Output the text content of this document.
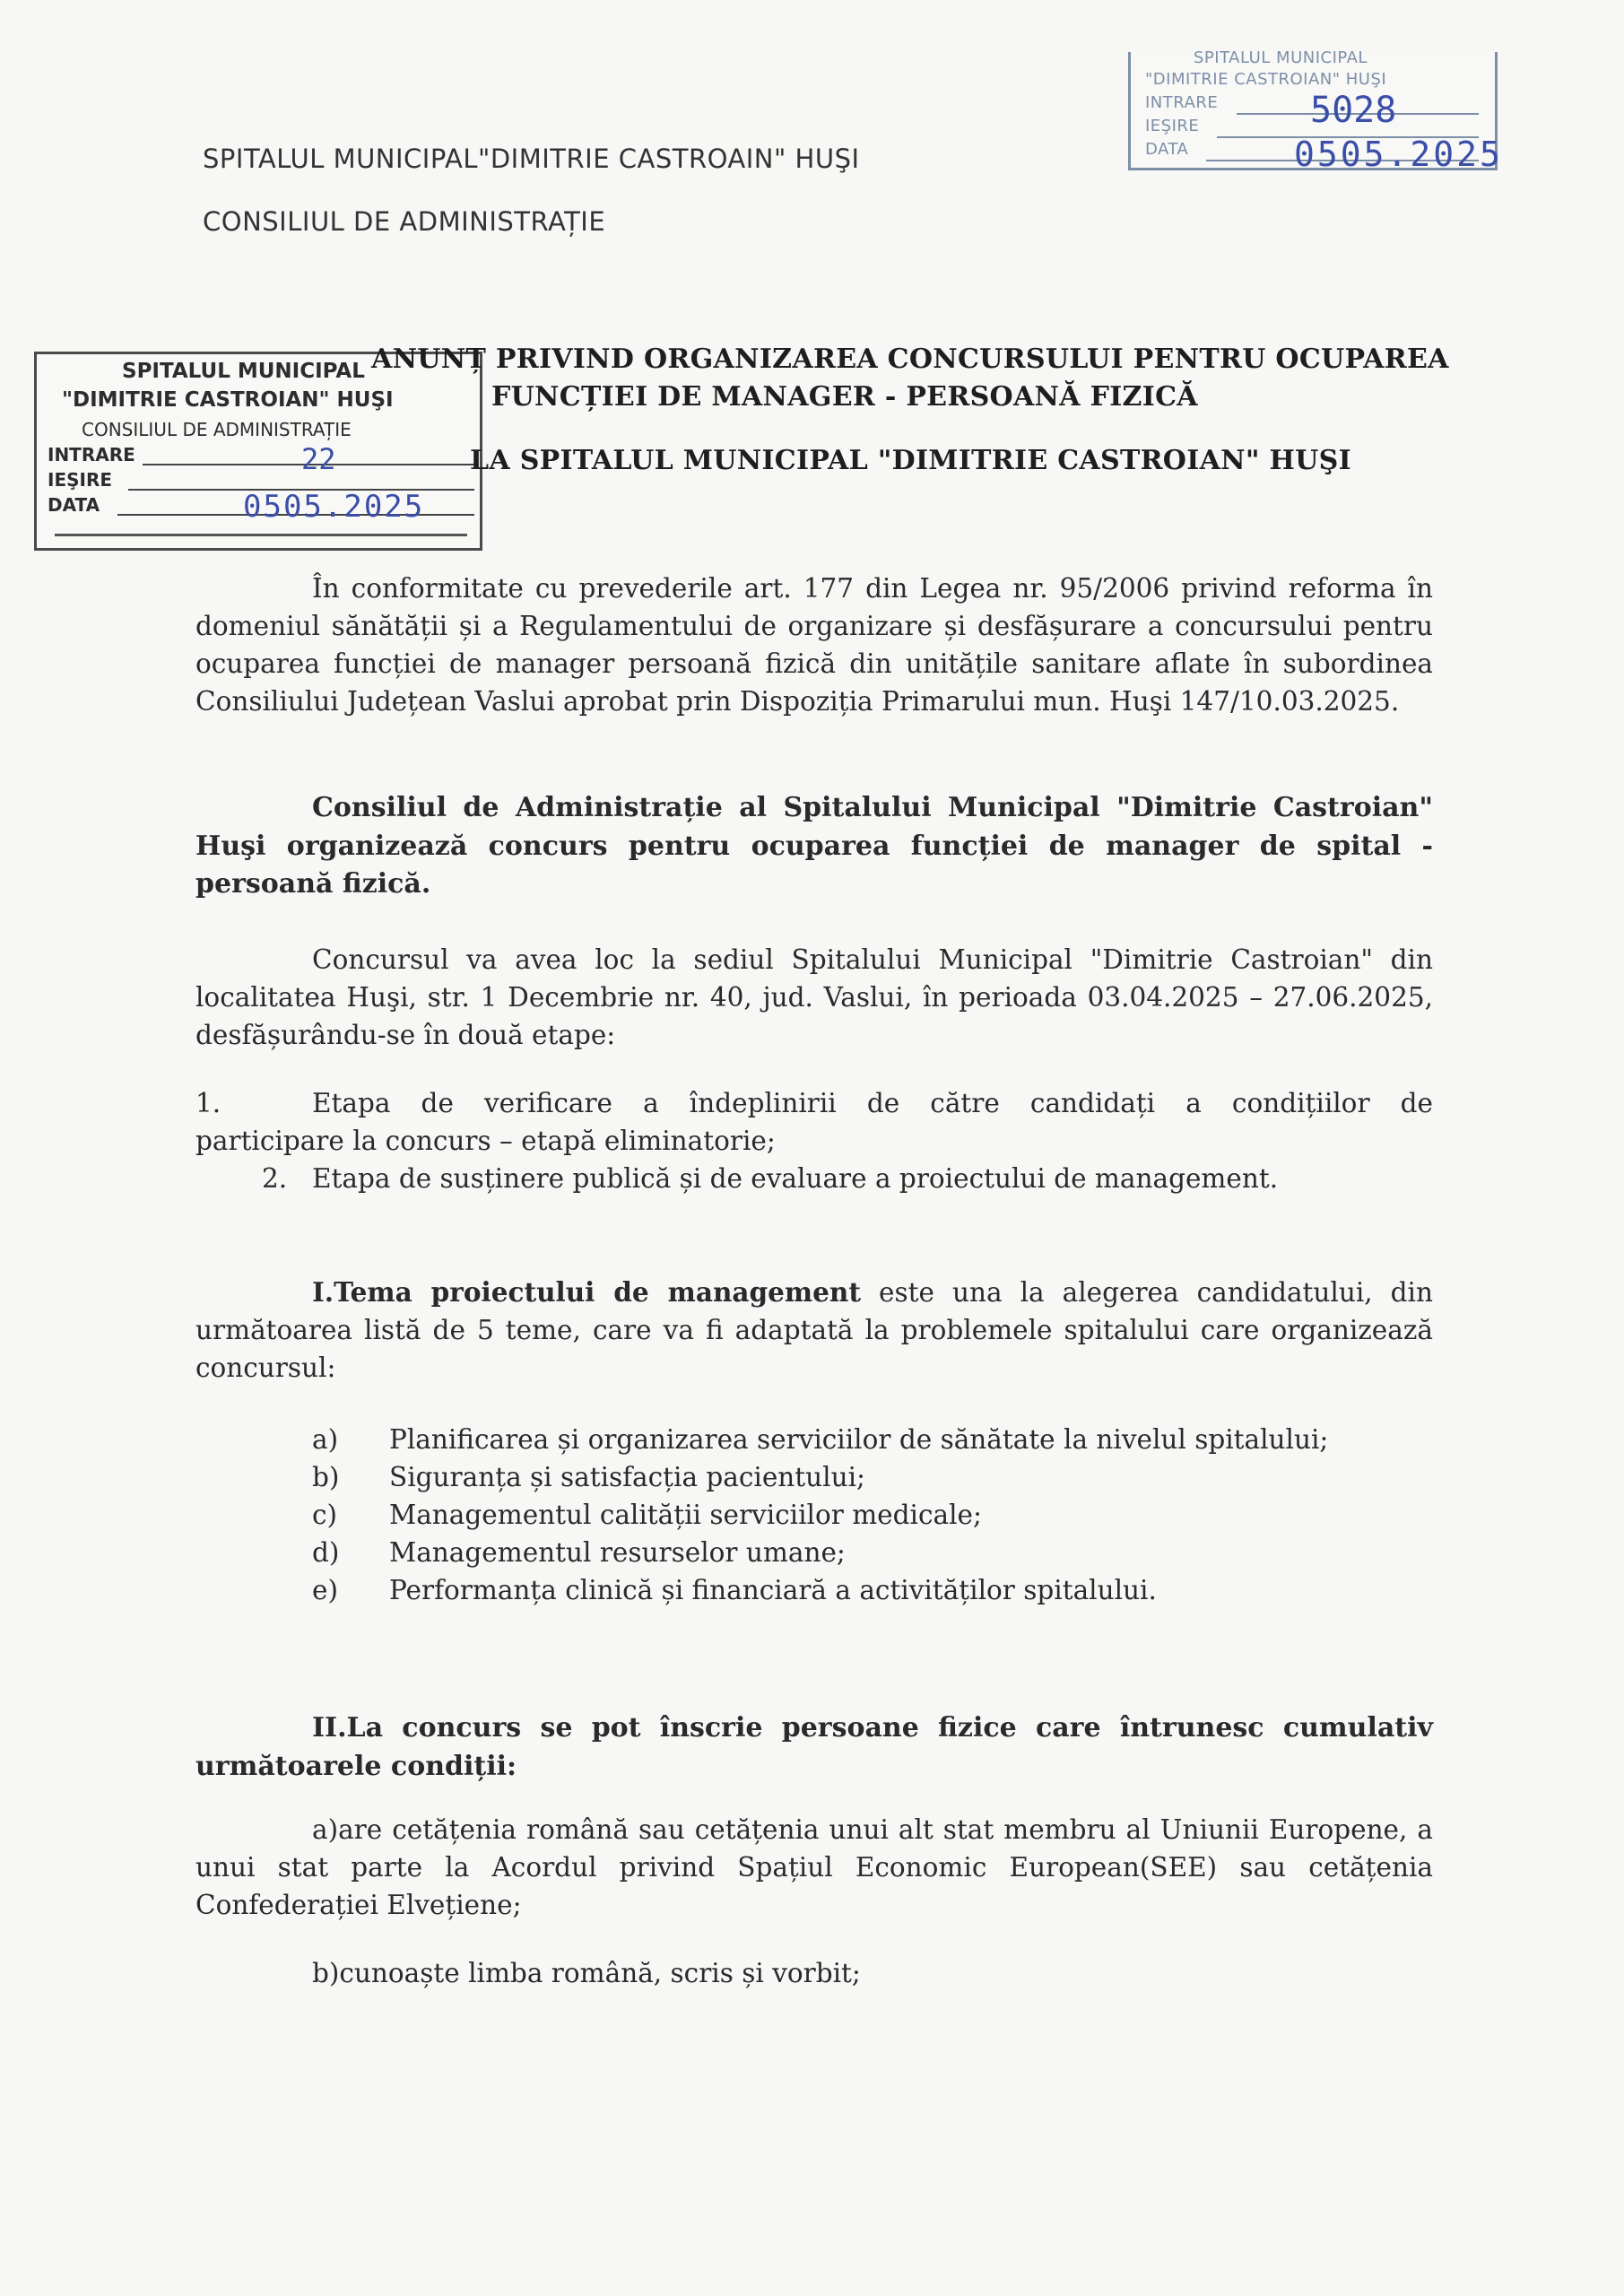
SPITALUL MUNICIPAL"DIMITRIE CASTROAIN" HUŞI
CONSILIUL DE ADMINISTRAȚIE
SPITALUL MUNICIPAL
"DIMITRIE CASTROIAN" HUŞI
INTRARE
IEŞIRE
DATA
5028
0505.2025
SPITALUL MUNICIPAL
"DIMITRIE CASTROIAN" HUŞI
CONSILIUL DE ADMINISTRAȚIE
INTRARE
IEŞIRE
DATA
22
0505.2025
ANUNȚ PRIVIND ORGANIZAREA CONCURSULUI PENTRU OCUPAREA
FUNCȚIEI DE MANAGER - PERSOANĂ FIZICĂ
LA SPITALUL MUNICIPAL "DIMITRIE CASTROIAN" HUŞI

În conformitate cu prevederile art. 177 din Legea nr. 95/2006 privind reforma în domeniul sănătății și a Regulamentului de organizare și desfășurare a concursului pentru ocuparea funcției de manager persoană fizică din unitățile sanitare aflate în subordinea Consiliului Județean Vaslui aprobat prin Dispoziția Primarului mun. Huşi 147/10.03.2025.

Consiliul de Administrație al Spitalului Municipal "Dimitrie Castroian" Huşi organizează concurs pentru ocuparea funcției de manager de spital - persoană fizică.

Concursul va avea loc la sediul Spitalului Municipal "Dimitrie Castroian" din localitatea Huşi, str. 1 Decembrie nr. 40, jud. Vaslui, în perioada 03.04.2025 – 27.06.2025, desfășurându-se în două etape:

1.	Etapa de verificare a îndeplinirii de către candidați a condițiilor de

participare la concurs – etapă eliminatorie;

2. Etapa de susținere publică și de evaluare a proiectului de management.

I.Tema proiectului de management este una la alegerea candidatului, din următoarea listă de 5 teme, care va fi adaptată la problemele spitalului care organizează concursul:

a) Planificarea și organizarea serviciilor de sănătate la nivelul spitalului;

b) Siguranța și satisfacția pacientului;

c) Managementul calității serviciilor medicale;

d) Managementul resurselor umane;

e) Performanța clinică și financiară a activităților spitalului.

II.La concurs se pot înscrie persoane fizice care întrunesc cumulativ următoarele condiții:

a)are cetățenia română sau cetățenia unui alt stat membru al Uniunii Europene, a unui stat parte la Acordul privind Spațiul Economic European(SEE) sau cetățenia Confederației Elvețiene;

b)cunoaște limba română, scris și vorbit;
